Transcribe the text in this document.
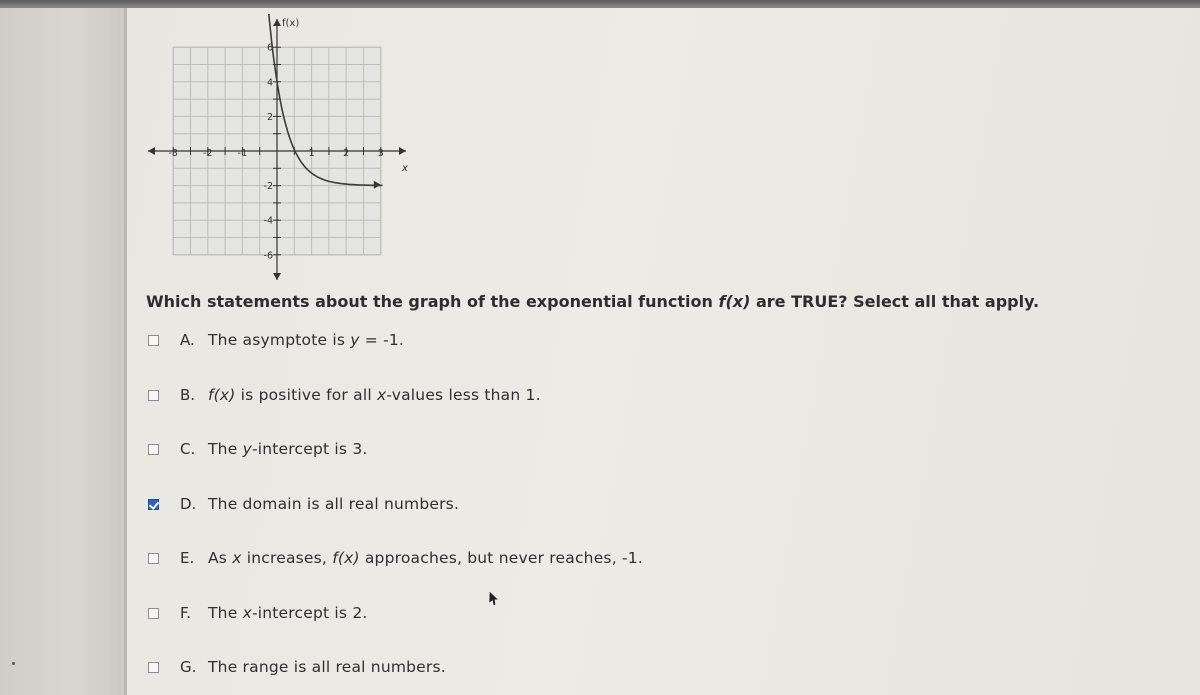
-3	-2	-1	1	2	3
6
4
2
-2
-4
-6
f(x)
x
Which statements about the graph of the exponential function f(x) are TRUE? Select all that apply.
A. The asymptote is y = -1.
B. f(x) is positive for all x-values less than 1.
C. The y-intercept is 3.
D. The domain is all real numbers.
E. As x increases, f(x) approaches, but never reaches, -1.
F.	The x-intercept is 2.
G. The range is all real numbers.
